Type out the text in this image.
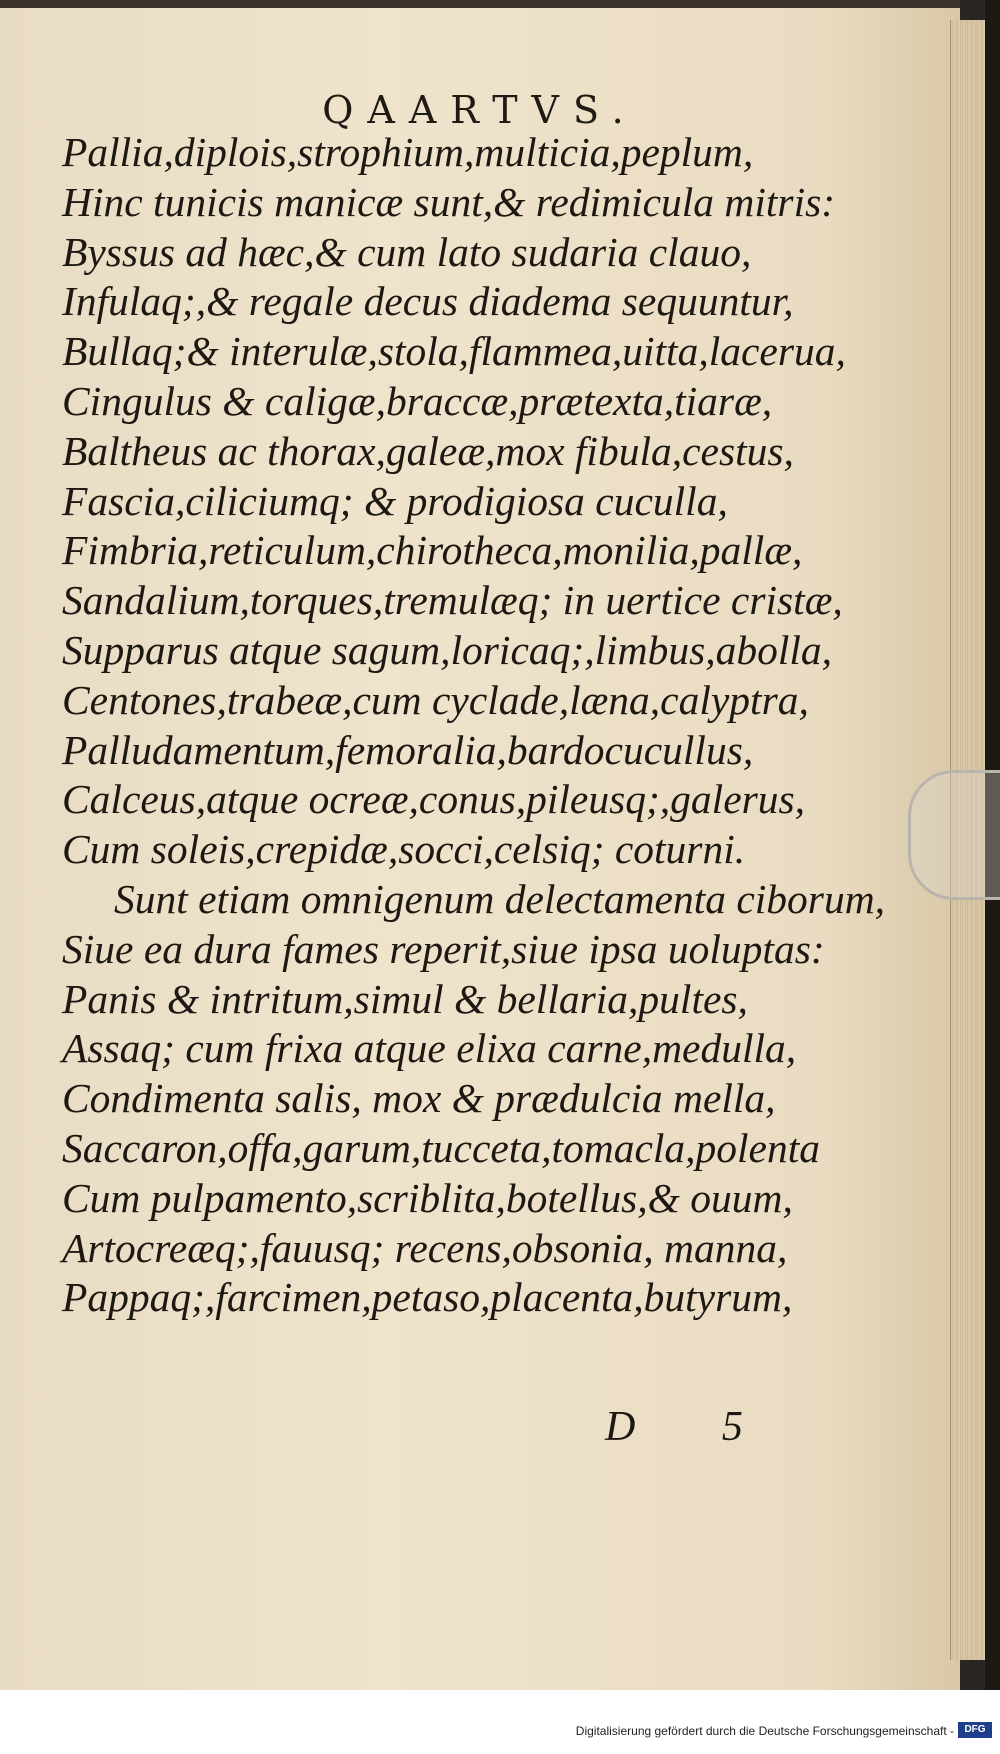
QAARTVS.
Pallia,diplois,strophium,multicia,peplum,
Hinc tunicis manicæ sunt,& redimicula mitris:
Byssus ad hæc,& cum lato sudaria clauo,
Infulaq;,& regale decus diadema sequuntur,
Bullaq;& interulæ,stola,flammea,uitta,lacerua,
Cingulus & caligæ,braccæ,prætexta,tiaræ,
Baltheus ac thorax,galeæ,mox fibula,cestus,
Fascia,ciliciumq; & prodigiosa cuculla,
Fimbria,reticulum,chirotheca,monilia,pallæ,
Sandalium,torques,tremulæq; in uertice cristæ,
Supparus atque sagum,loricaq;,limbus,abolla,
Centones,trabeæ,cum cyclade,læna,calyptra,
Palludamentum,femoralia,bardocucullus,
Calceus,atque ocreæ,conus,pileusq;,galerus,
Cum soleis,crepidæ,socci,celsiq; coturni.
Sunt etiam omnigenum delectamenta ciborum,
Siue ea dura fames reperit,siue ipsa uoluptas:
Panis & intritum,simul & bellaria,pultes,
Assaq; cum frixa atque elixa carne,medulla,
Condimenta salis, mox & prædulcia mella,
Saccaron,offa,garum,tucceta,tomacla,polenta
Cum pulpamento,scriblita,botellus,& ouum,
Artocreæq;,fauusq; recens,obsonia, manna,
Pappaq;,farcimen,petaso,placenta,butyrum,
D 5
Digitalisierung gefördert durch die Deutsche Forschungsgemeinschaft -	DFG
